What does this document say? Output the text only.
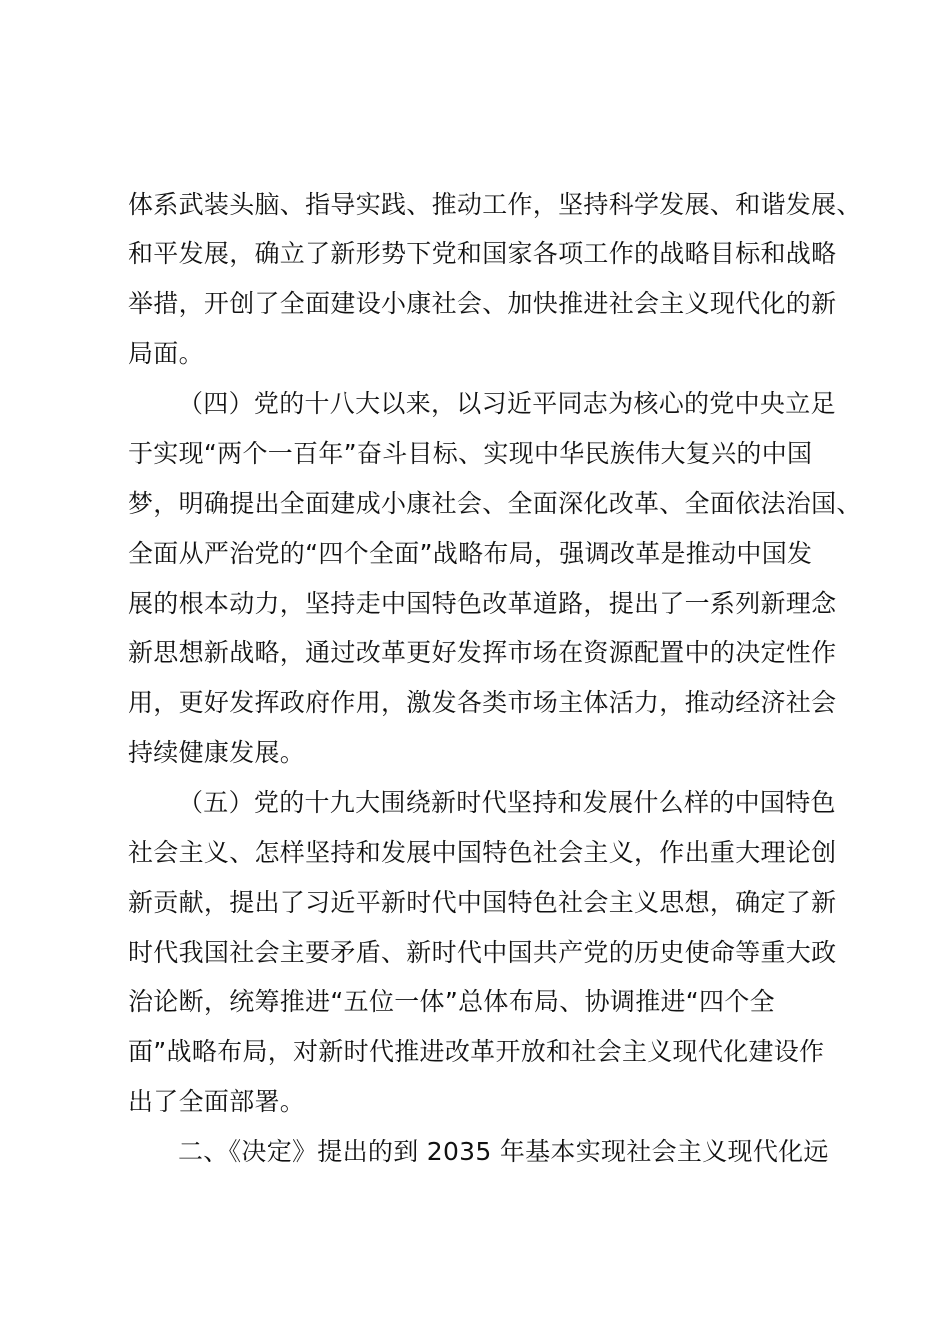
体系武装头脑、指导实践、推动工作，坚持科学发展、和谐发展、
和平发展，确立了新形势下党和国家各项工作的战略目标和战略
举措，开创了全面建设小康社会、加快推进社会主义现代化的新
局面。
（四）党的十八大以来，以习近平同志为核心的党中央立足
于实现“两个一百年”奋斗目标、实现中华民族伟大复兴的中国
梦，明确提出全面建成小康社会、全面深化改革、全面依法治国、
全面从严治党的“四个全面”战略布局，强调改革是推动中国发
展的根本动力，坚持走中国特色改革道路，提出了一系列新理念
新思想新战略，通过改革更好发挥市场在资源配置中的决定性作
用，更好发挥政府作用，激发各类市场主体活力，推动经济社会
持续健康发展。
（五）党的十九大围绕新时代坚持和发展什么样的中国特色
社会主义、怎样坚持和发展中国特色社会主义，作出重大理论创
新贡献，提出了习近平新时代中国特色社会主义思想，确定了新
时代我国社会主要矛盾、新时代中国共产党的历史使命等重大政
治论断，统筹推进“五位一体”总体布局、协调推进“四个全
面”战略布局，对新时代推进改革开放和社会主义现代化建设作
出了全面部署。
二、《决定》提出的到 2035 年基本实现社会主义现代化远
